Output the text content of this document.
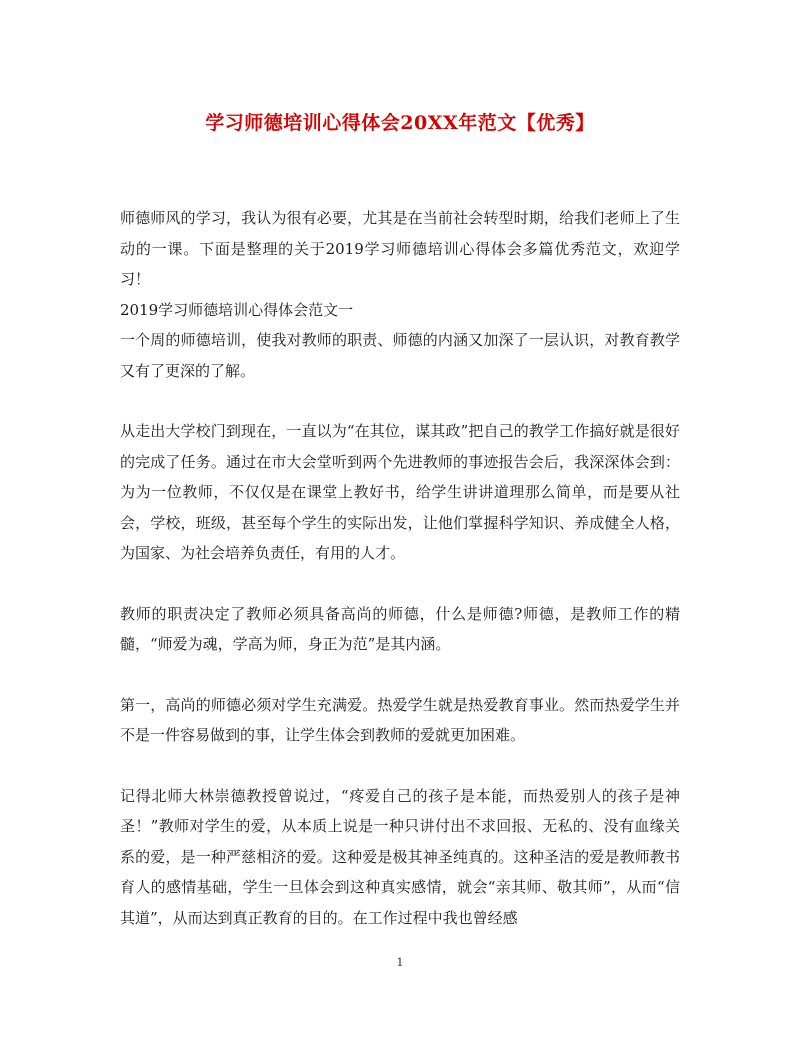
学习师德培训心得体会20XX年范文【优秀】

师德师风的学习，我认为很有必要，尤其是在当前社会转型时期，给我们老师上了生动的一课。下面是整理的关于2019学习师德培训心得体会多篇优秀范文，欢迎学习！

2019学习师德培训心得体会范文一

一个周的师德培训，使我对教师的职责、师德的内涵又加深了一层认识，对教育教学又有了更深的了解。

从走出大学校门到现在，一直以为“在其位，谋其政”把自己的教学工作搞好就是很好的完成了任务。通过在市大会堂听到两个先进教师的事迹报告会后，我深深体会到：为为一位教师，不仅仅是在课堂上教好书，给学生讲讲道理那么简单，而是要从社会，学校，班级，甚至每个学生的实际出发，让他们掌握科学知识、养成健全人格，为国家、为社会培养负责任，有用的人才。

教师的职责决定了教师必须具备高尚的师德，什么是师德?师德，是教师工作的精髓，“师爱为魂，学高为师，身正为范”是其内涵。

第一，高尚的师德必须对学生充满爱。热爱学生就是热爱教育事业。然而热爱学生并不是一件容易做到的事，让学生体会到教师的爱就更加困难。

记得北师大林崇德教授曾说过，“疼爱自己的孩子是本能，而热爱别人的孩子是神圣！”教师对学生的爱，从本质上说是一种只讲付出不求回报、无私的、没有血缘关系的爱，是一种严慈相济的爱。这种爱是极其神圣纯真的。这种圣洁的爱是教师教书育人的感情基础，学生一旦体会到这种真实感情，就会“亲其师、敬其师”，从而“信其道”，从而达到真正教育的目的。在工作过程中我也曾经感

1
